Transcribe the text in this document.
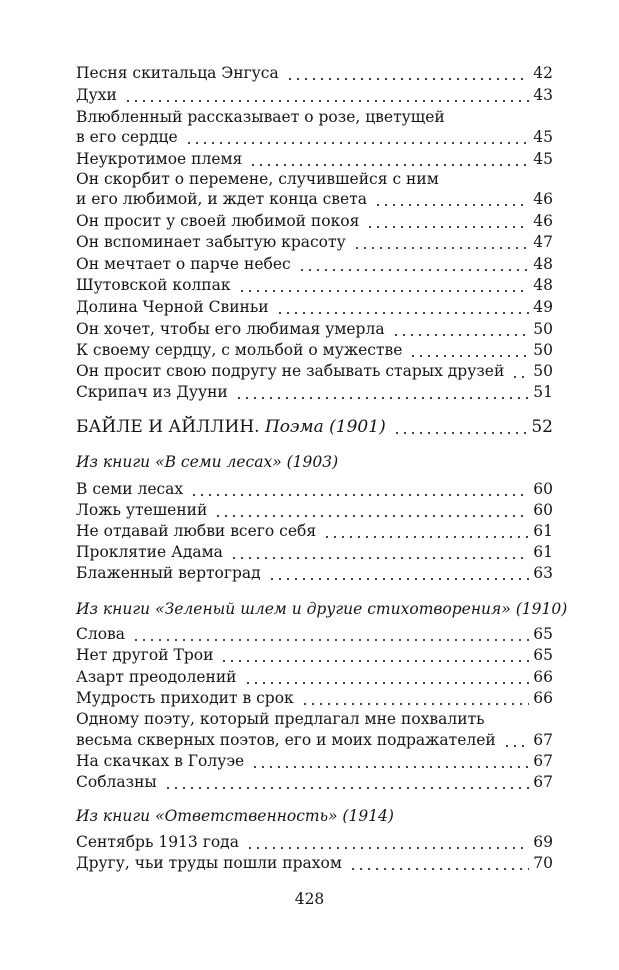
Песня скитальца Энгуса	42
Духи	43
Влюбленный рассказывает о розе, цветущей
в его сердце	45
Неукротимое племя	45
Он скорбит о перемене, случившейся с ним
и его любимой, и ждет конца света	46
Он просит у своей любимой покоя	46
Он вспоминает забытую красоту	47
Он мечтает о парче небес	48
Шутовской колпак	48
Долина Черной Свиньи	49
Он хочет, чтобы его любимая умерла	50
К своему сердцу, с мольбой о мужестве	50
Он просит свою подругу не забывать старых друзей 50
Скрипач из Дууни	51
БАЙЛЕ И АЙЛЛИН. Поэма (1901)	52
Из книги «В семи лесах» (1903)
В семи лесах	60
Ложь утешений	60
Не отдавай любви всего себя	61
Проклятие Адама	61
Блаженный вертоград	63
Из книги «Зеленый шлем и другие стихотворения» (1910)
Слова	65
Нет другой Трои	65
Азарт преодолений	66
Мудрость приходит в срок	66
Одному поэту, который предлагал мне похвалить
весьма скверных поэтов, его и моих подражателей 67
На скачках в Голуэе	67
Соблазны	67
Из книги «Ответственность» (1914)
Сентябрь 1913 года	69
Другу, чьи труды пошли прахом	70
428
